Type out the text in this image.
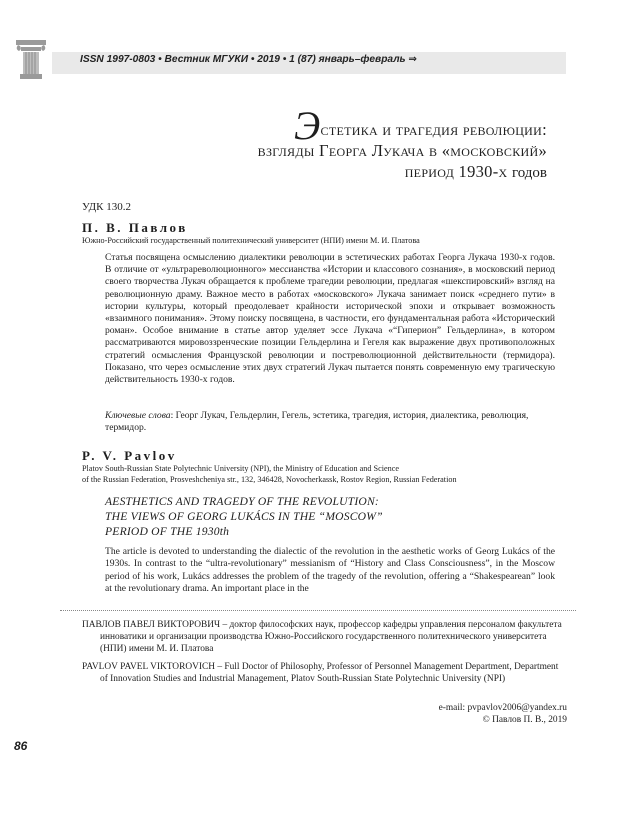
ISSN 1997-0803 • Вестник МГУКИ • 2019 • 1 (87) январь–февраль ⇒
Эстетика и трагедия революции:
взгляды Георга Лукача в «московский»
период 1930-х годов
УДК 130.2
П. В. Павлов
Южно-Российский государственный политехнический университет (НПИ) имени М. И. Платова

Статья посвящена осмыслению диалектики революции в эстетических работах Георга Лукача 1930-х годов. В отличие от «ультрареволюционного» мессианства «Истории и классового сознания», в московский период своего творчества Лукач обращается к проблеме трагедии революции, предлагая «шекспировский» взгляд на революционную драму. Важное место в работах «московского» Лукача занимает поиск «среднего пути» в истории культуры, который преодолевает крайности исторической эпохи и открывает возможность «взаимного понимания». Этому поиску посвящена, в частности, его фундаментальная работа «Исторический роман». Особое внимание в статье автор уделяет эссе Лукача «“Гиперион” Гельдерлина», в котором рассматриваются мировоззренческие позиции Гельдерлина и Гегеля как выражение двух противоположных стратегий осмысления Французской революции и постреволюционной действительности (термидора). Показано, что через осмысление этих двух стратегий Лукач пытается понять современную ему трагическую действительность 1930-х годов.

Ключевые слова: Георг Лукач, Гельдерлин, Гегель, эстетика, трагедия, история, диалектика, революция, термидор.
P. V. Pavlov
Platov South-Russian State Polytechnic University (NPI), the Ministry of Education and Science
of the Russian Federation, Prosveshcheniya str., 132, 346428, Novocherkassk, Rostov Region, Russian Federation
AESTHETICS AND TRAGEDY OF THE REVOLUTION:
THE VIEWS OF GEORG LUKÁCS IN THE “MOSCOW”
PERIOD OF THE 1930th
The article is devoted to understanding the dialectic of the revolution in the aesthetic works of Georg Lukács of the 1930s. In contrast to the “ultra-revolutionary” messianism of “History and Class Consciousness”, in the Moscow period of his work, Lukács addresses the problem of the tragedy of the revolution, offering a “Shakespearean” look at the revolutionary drama. An important place in the
ПАВЛОВ ПАВЕЛ ВИКТОРОВИЧ – доктор философских наук, профессор кафедры управления персоналом факультета инноватики и организации производства Южно-Российского государственного политехнического университета (НПИ) имени М. И. Платова
PAVLOV PAVEL VIKTOROVICH – Full Doctor of Philosophy, Professor of Personnel Management Department, Department of Innovation Studies and Industrial Management, Platov South-Russian State Polytechnic University (NPI)
e-mail: pvpavlov2006@yandex.ru
© Павлов П. В., 2019
86
